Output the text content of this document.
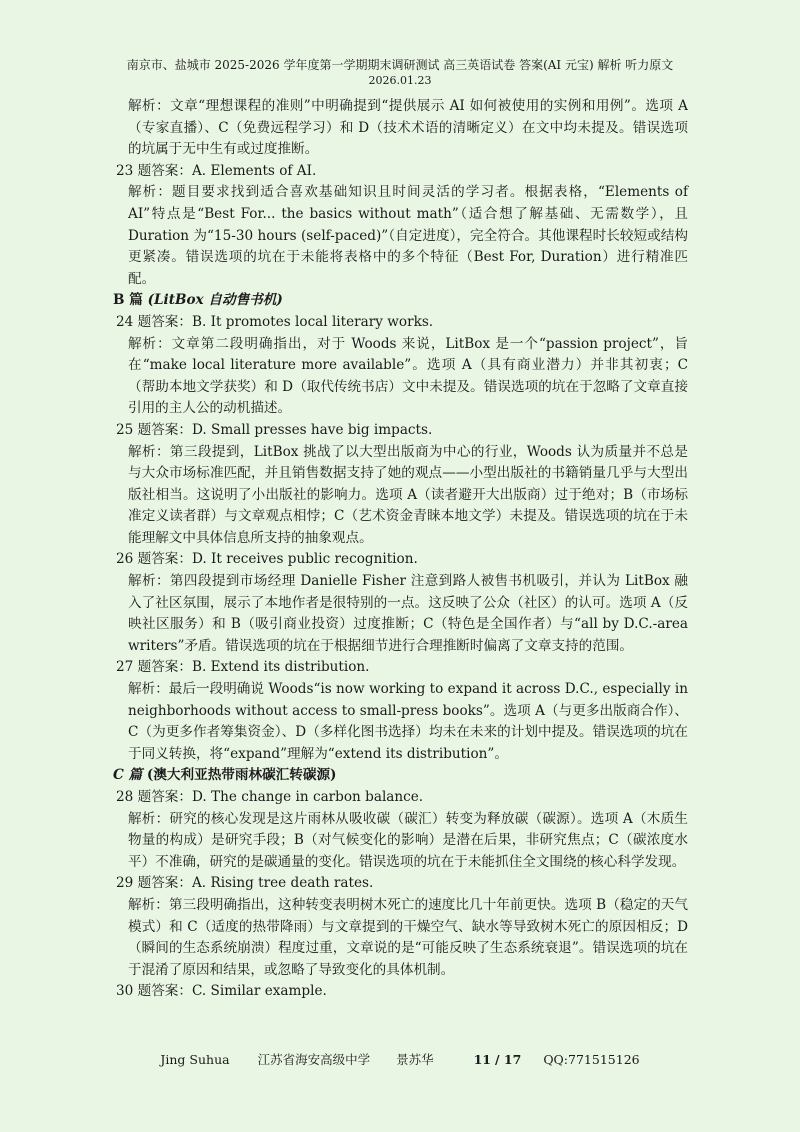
南京市、盐城市 2025-2026 学年度第一学期期末调研测试 高三英语试卷 答案(AI 元宝) 解析 听力原文
2026.01.23

解析：文章“理想课程的准则”中明确提到“提供展示 AI 如何被使用的实例和用例”。选项 A（专家直播）、C（免费远程学习）和 D（技术术语的清晰定义）在文中均未提及。错误选项的坑属于无中生有或过度推断。

23 题答案：A. Elements of AI.

解析：题目要求找到适合喜欢基础知识且时间灵活的学习者。根据表格，“Elements of AI”特点是“Best For... the basics without math”（适合想了解基础、无需数学），且 Duration 为“15-30 hours (self-paced)”（自定进度），完全符合。其他课程时长较短或结构更紧凑。错误选项的坑在于未能将表格中的多个特征（Best For, Duration）进行精准匹配。

B 篇 (LitBox 自动售书机)

24 题答案：B. It promotes local literary works.

解析：文章第二段明确指出，对于 Woods 来说，LitBox 是一个“passion project”，旨在“make local literature more available”。选项 A（具有商业潜力）并非其初衷；C（帮助本地文学获奖）和 D（取代传统书店）文中未提及。错误选项的坑在于忽略了文章直接引用的主人公的动机描述。

25 题答案：D. Small presses have big impacts.

解析：第三段提到，LitBox 挑战了以大型出版商为中心的行业，Woods 认为质量并不总是与大众市场标准匹配，并且销售数据支持了她的观点——小型出版社的书籍销量几乎与大型出版社相当。这说明了小出版社的影响力。选项 A（读者避开大出版商）过于绝对；B（市场标准定义读者群）与文章观点相悖；C（艺术资金青睐本地文学）未提及。错误选项的坑在于未能理解文中具体信息所支持的抽象观点。

26 题答案：D. It receives public recognition.

解析：第四段提到市场经理 Danielle Fisher 注意到路人被售书机吸引，并认为 LitBox 融入了社区氛围，展示了本地作者是很特别的一点。这反映了公众（社区）的认可。选项 A（反映社区服务）和 B（吸引商业投资）过度推断；C（特色是全国作者）与“all by D.C.-area writers”矛盾。错误选项的坑在于根据细节进行合理推断时偏离了文章支持的范围。

27 题答案：B. Extend its distribution.

解析：最后一段明确说 Woods“is now working to expand it across D.C., especially in neighborhoods without access to small-press books”。选项 A（与更多出版商合作）、C（为更多作者筹集资金）、D（多样化图书选择）均未在未来的计划中提及。错误选项的坑在于同义转换，将“expand”理解为“extend its distribution”。

C 篇 (澳大利亚热带雨林碳汇转碳源)

28 题答案：D. The change in carbon balance.

解析：研究的核心发现是这片雨林从吸收碳（碳汇）转变为释放碳（碳源）。选项 A（木质生物量的构成）是研究手段；B（对气候变化的影响）是潜在后果，非研究焦点；C（碳浓度水平）不准确，研究的是碳通量的变化。错误选项的坑在于未能抓住全文围绕的核心科学发现。

29 题答案：A. Rising tree death rates.

解析：第三段明确指出，这种转变表明树木死亡的速度比几十年前更快。选项 B（稳定的天气模式）和 C（适度的热带降雨）与文章提到的干燥空气、缺水等导致树木死亡的原因相反；D（瞬间的生态系统崩溃）程度过重，文章说的是“可能反映了生态系统衰退”。错误选项的坑在于混淆了原因和结果，或忽略了导致变化的具体机制。

30 题答案：C. Similar example.

Jing Suhua 江苏省海安高级中学 景苏华	11 / 17 QQ:771515126
